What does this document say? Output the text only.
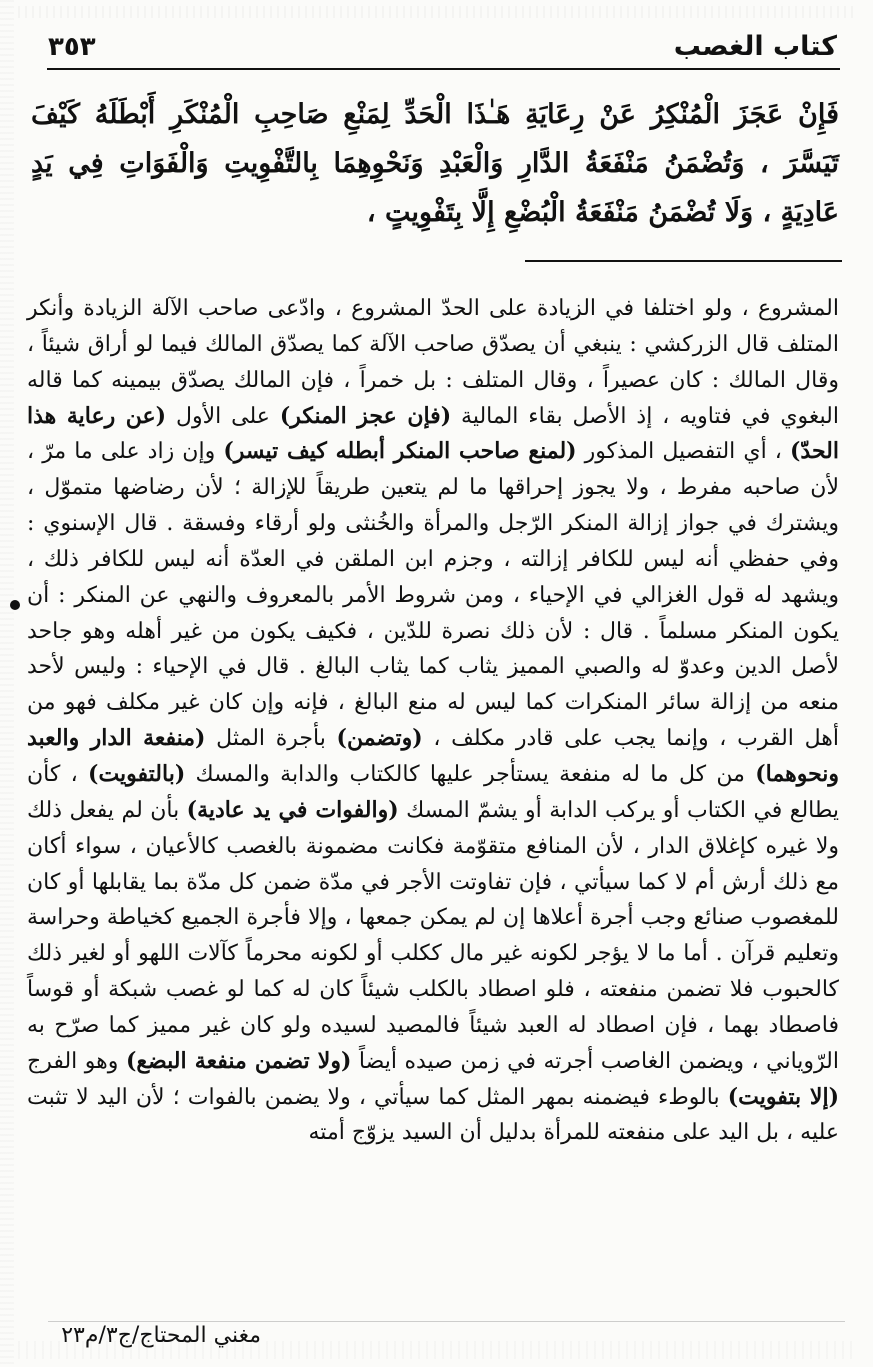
كتاب الغصب
٣٥٣
فَإِنْ عَجَزَ الْمُنْكِرُ عَنْ رِعَايَةِ هَـٰذَا الْحَدِّ لِمَنْعِ صَاحِبِ الْمُنْكَرِ أَبْطَلَهُ كَيْفَ تَيَسَّرَ ، وَتُضْمَنُ مَنْفَعَةُ الدَّارِ وَالْعَبْدِ وَنَحْوِهِمَا بِالتَّفْوِيتِ وَالْفَوَاتِ فِي يَدٍ عَادِيَةٍ ، وَلَا تُضْمَنُ مَنْفَعَةُ الْبُضْعِ إِلَّا بِتَفْوِيتٍ ،

المشروع ، ولو اختلفا في الزيادة على الحدّ المشروع ، وادّعى صاحب الآلة الزيادة وأنكر المتلف قال الزركشي : ينبغي أن يصدّق صاحب الآلة كما يصدّق المالك فيما لو أراق شيئاً ، وقال المالك : كان عصيراً ، وقال المتلف : بل خمراً ، فإن المالك يصدّق بيمينه كما قاله البغوي في فتاويه ، إذ الأصل بقاء المالية (فإن عجز المنكر) على الأول (عن رعاية هذا الحدّ) ، أي التفصيل المذكور (لمنع صاحب المنكر أبطله كيف تيسر) وإن زاد على ما مرّ ، لأن صاحبه مفرط ، ولا يجوز إحراقها ما لم يتعين طريقاً للإزالة ؛ لأن رضاضها متموّل ، ويشترك في جواز إزالة المنكر الرّجل والمرأة والخُنثى ولو أرقاء وفسقة . قال الإسنوي : وفي حفظي أنه ليس للكافر إزالته ، وجزم ابن الملقن في العدّة أنه ليس للكافر ذلك ، ويشهد له قول الغزالي في الإحياء ، ومن شروط الأمر بالمعروف والنهي عن المنكر : أن يكون المنكر مسلماً . قال : لأن ذلك نصرة للدّين ، فكيف يكون من غير أهله وهو جاحد لأصل الدين وعدوّ له والصبي المميز يثاب كما يثاب البالغ . قال في الإحياء : وليس لأحد منعه من إزالة سائر المنكرات كما ليس له منع البالغ ، فإنه وإن كان غير مكلف فهو من أهل القرب ، وإنما يجب على قادر مكلف ، (وتضمن) بأجرة المثل (منفعة الدار والعبد ونحوهما) من كل ما له منفعة يستأجر عليها كالكتاب والدابة والمسك (بالتفويت) ، كأن يطالع في الكتاب أو يركب الدابة أو يشمّ المسك (والفوات في يد عادية) بأن لم يفعل ذلك ولا غيره كإغلاق الدار ، لأن المنافع متقوّمة فكانت مضمونة بالغصب كالأعيان ، سواء أكان مع ذلك أرش أم لا كما سيأتي ، فإن تفاوتت الأجر في مدّة ضمن كل مدّة بما يقابلها أو كان للمغصوب صنائع وجب أجرة أعلاها إن لم يمكن جمعها ، وإلا فأجرة الجميع كخياطة وحراسة وتعليم قرآن . أما ما لا يؤجر لكونه غير مال ككلب أو لكونه محرماً كآلات اللهو أو لغير ذلك كالحبوب فلا تضمن منفعته ، فلو اصطاد بالكلب شيئاً كان له كما لو غصب شبكة أو قوساً فاصطاد بهما ، فإن اصطاد له العبد شيئاً فالمصيد لسيده ولو كان غير مميز كما صرّح به الرّوياني ، ويضمن الغاصب أجرته في زمن صيده أيضاً (ولا تضمن منفعة البضع) وهو الفرج (إلا بتفويت) بالوطء فيضمنه بمهر المثل كما سيأتي ، ولا يضمن بالفوات ؛ لأن اليد لا تثبت عليه ، بل اليد على منفعته للمرأة بدليل أن السيد يزوّج أمته

مغني المحتاج/ج٣/م٢٣
